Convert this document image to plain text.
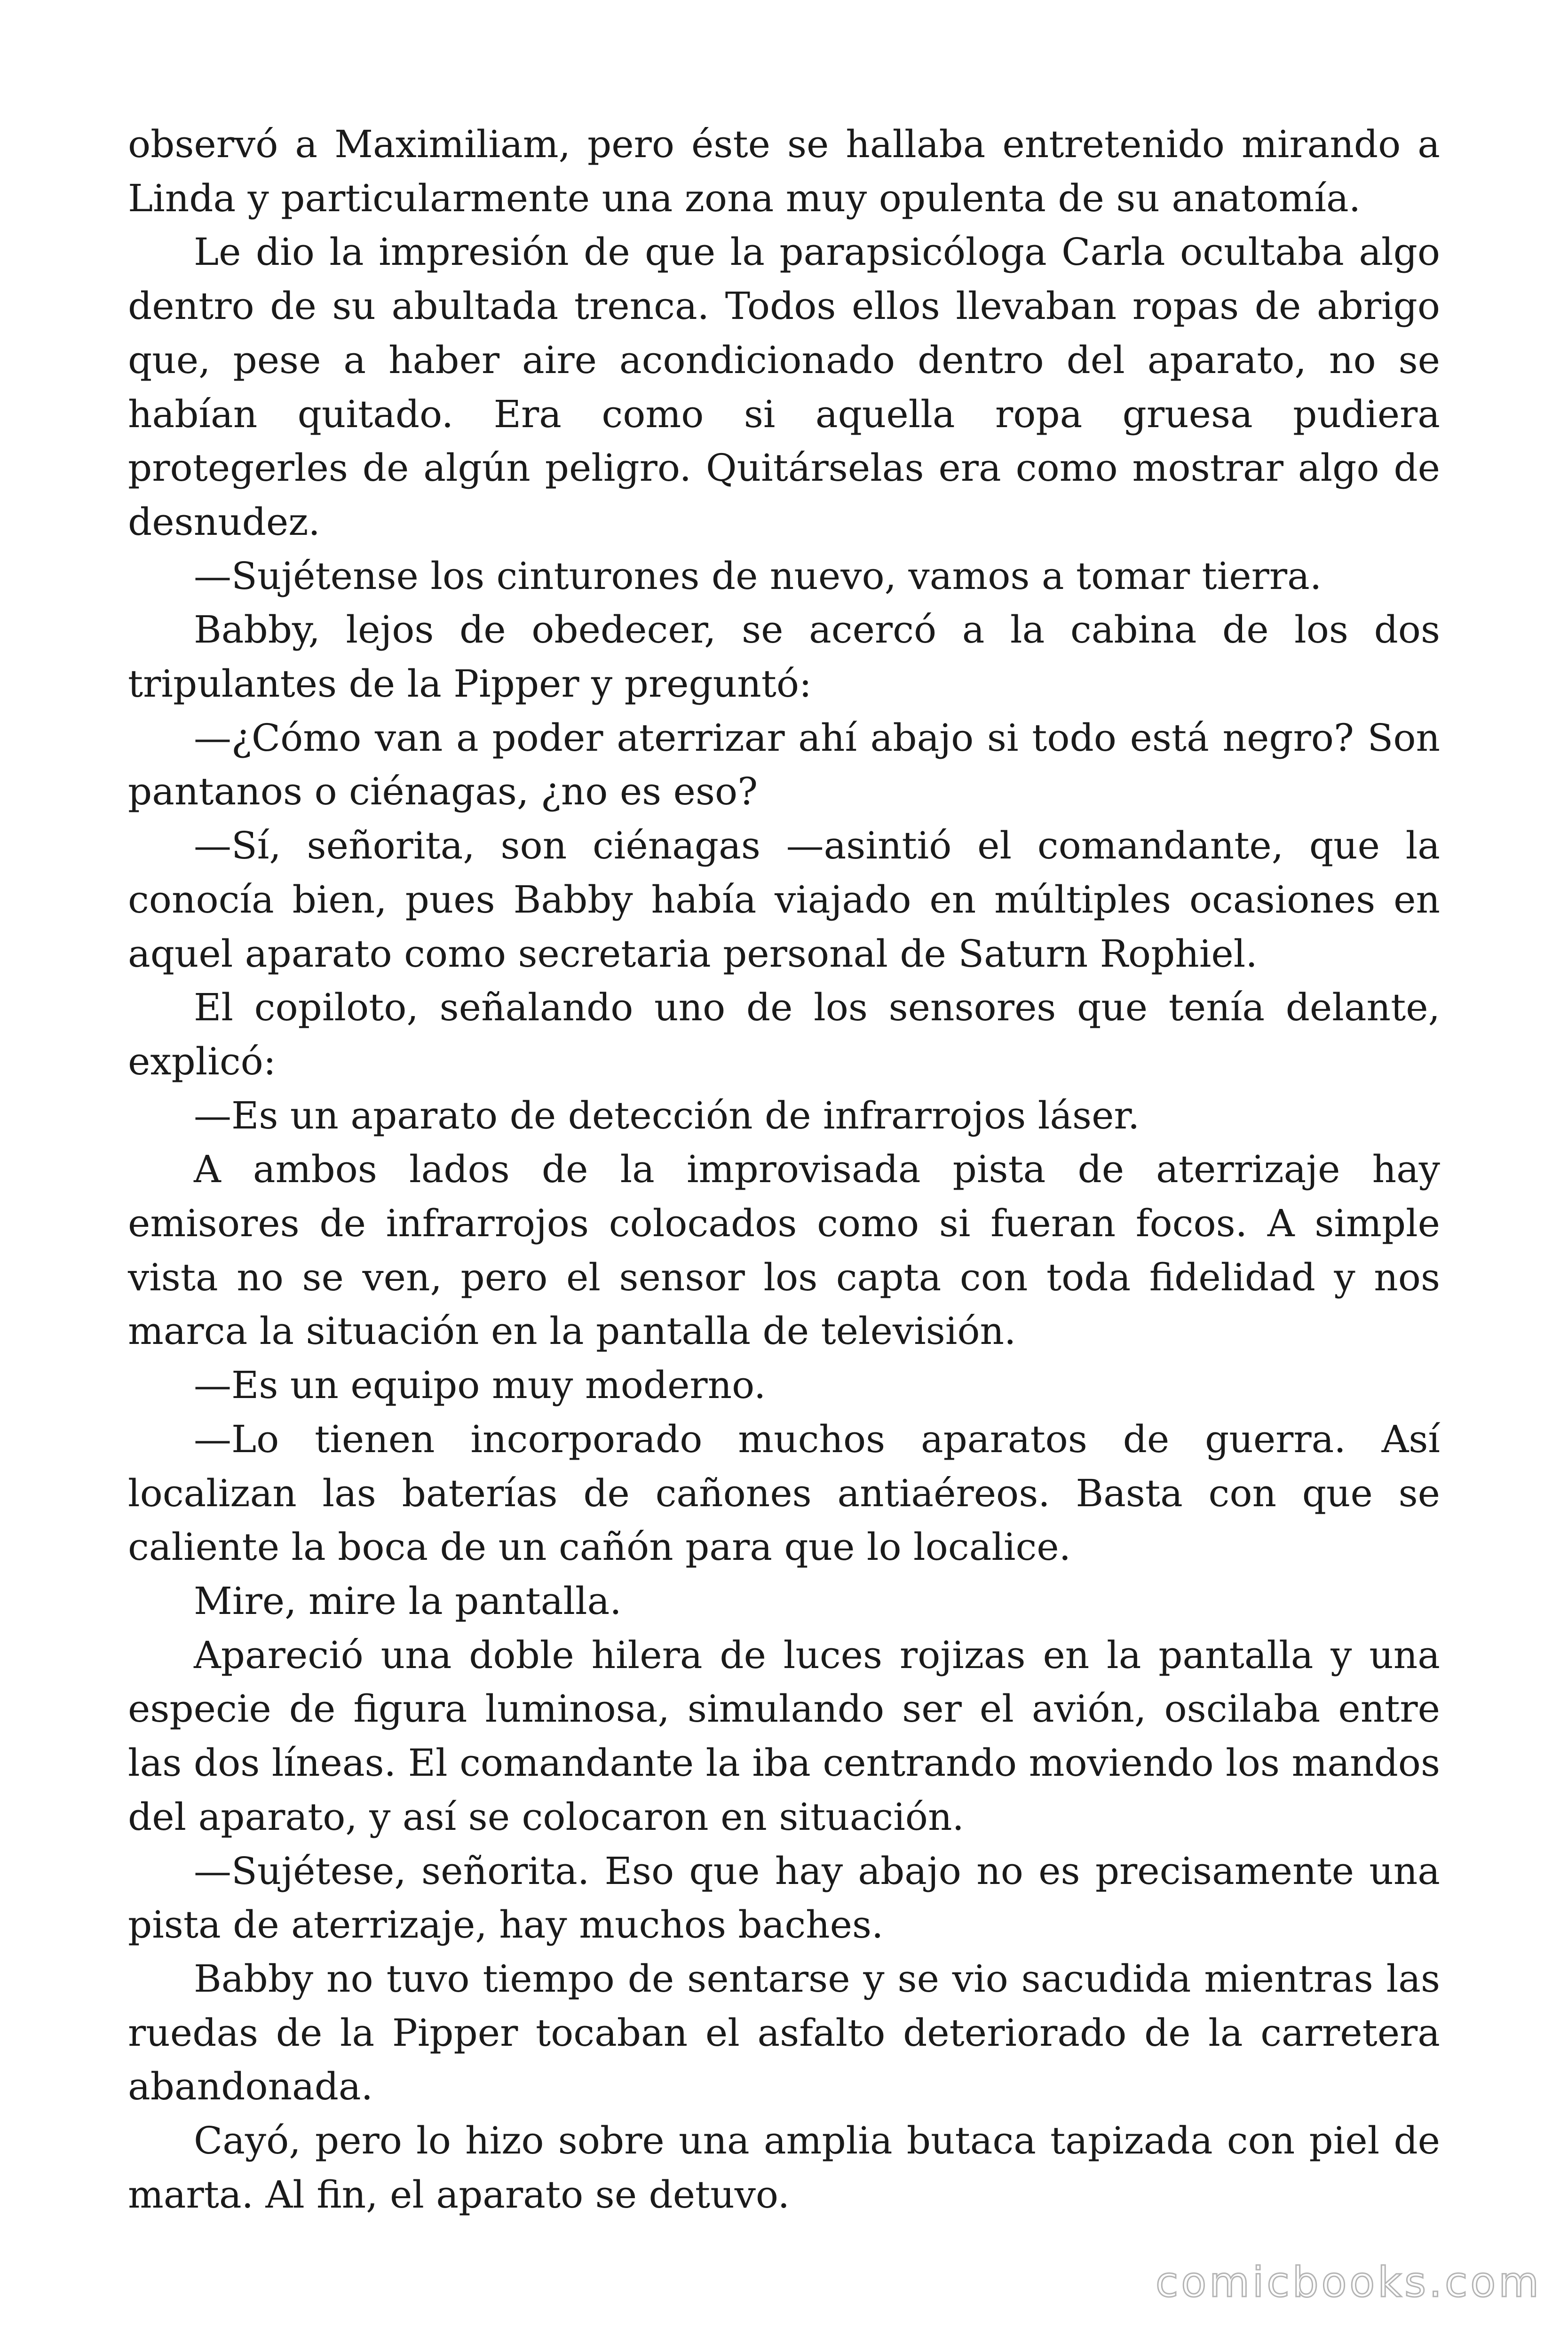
observó a Maximiliam, pero éste se hallaba entretenido mirando a Linda y particularmente una zona muy opulenta de su anatomía.

Le dio la impresión de que la parapsicóloga Carla ocultaba algo dentro de su abultada trenca. Todos ellos llevaban ropas de abrigo que, pese a haber aire acondicionado dentro del aparato, no se habían quitado. Era como si aquella ropa gruesa pudiera protegerles de algún peligro. Quitárselas era como mostrar algo de desnudez.

—Sujétense los cinturones de nuevo, vamos a tomar tierra.

Babby, lejos de obedecer, se acercó a la cabina de los dos tripulantes de la Pipper y preguntó:

—¿Cómo van a poder aterrizar ahí abajo si todo está negro? Son pantanos o ciénagas, ¿no es eso?

—Sí, señorita, son ciénagas —asintió el comandante, que la conocía bien, pues Babby había viajado en múltiples ocasiones en aquel aparato como secretaria personal de Saturn Rophiel.

El copiloto, señalando uno de los sensores que tenía delante, explicó:

—Es un aparato de detección de infrarrojos láser.

A ambos lados de la improvisada pista de aterrizaje hay emisores de infrarrojos colocados como si fueran focos. A simple vista no se ven, pero el sensor los capta con toda fidelidad y nos marca la situación en la pantalla de televisión.

—Es un equipo muy moderno.

—Lo tienen incorporado muchos aparatos de guerra. Así localizan las baterías de cañones antiaéreos. Basta con que se caliente la boca de un cañón para que lo localice.

Mire, mire la pantalla.

Apareció una doble hilera de luces rojizas en la pantalla y una especie de figura luminosa, simulando ser el avión, oscilaba entre las dos líneas. El comandante la iba centrando moviendo los mandos del aparato, y así se colocaron en situación.

—Sujétese, señorita. Eso que hay abajo no es precisamente una pista de aterrizaje, hay muchos baches.

Babby no tuvo tiempo de sentarse y se vio sacudida mientras las ruedas de la Pipper tocaban el asfalto deteriorado de la carretera abandonada.

Cayó, pero lo hizo sobre una amplia butaca tapizada con piel de marta. Al fin, el aparato se detuvo.

comicbooks.com
